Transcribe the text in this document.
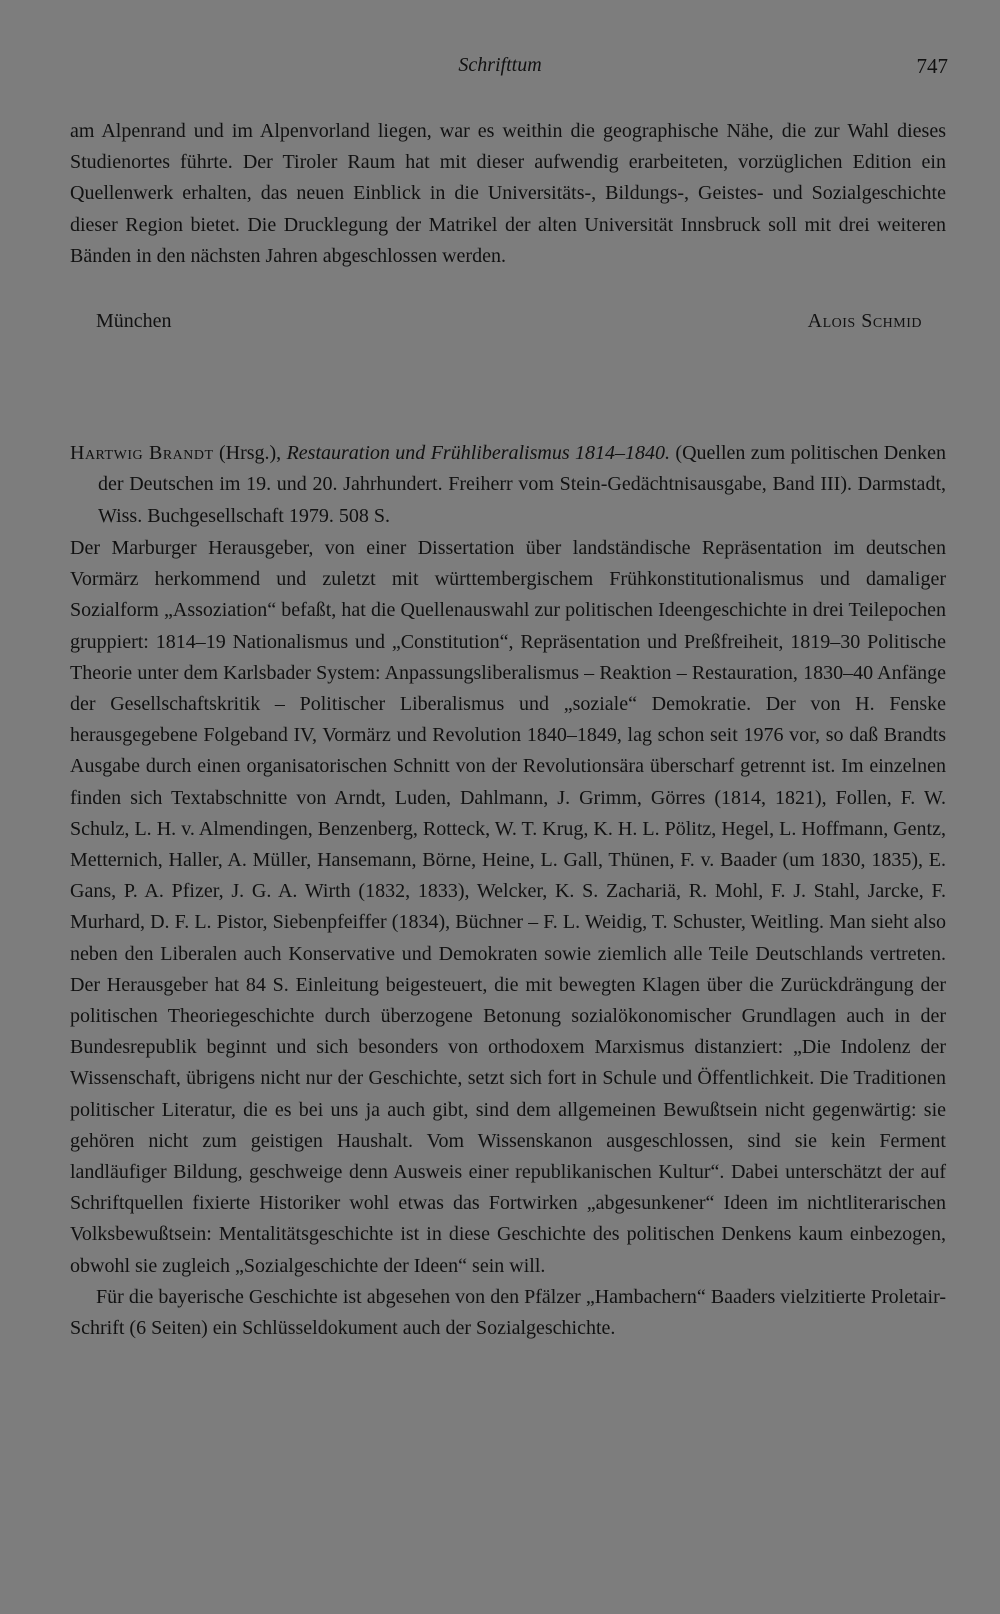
Schrifttum	747

am Alpenrand und im Alpenvorland liegen, war es weithin die geographische Nähe, die zur Wahl dieses Studienortes führte. Der Tiroler Raum hat mit dieser aufwendig erarbeiteten, vorzüglichen Edition ein Quellenwerk erhalten, das neuen Einblick in die Universitäts-, Bildungs-, Geistes- und Sozialgeschichte dieser Region bietet. Die Drucklegung der Matrikel der alten Universität Innsbruck soll mit drei weiteren Bänden in den nächsten Jahren abgeschlossen werden.

München	Alois Schmid
Hartwig Brandt (Hrsg.), Restauration und Frühliberalismus 1814–1840. (Quellen zum politischen Denken der Deutschen im 19. und 20. Jahrhundert. Freiherr vom Stein-Gedächtnisausgabe, Band III). Darmstadt, Wiss. Buchgesellschaft 1979. 508 S.

Der Marburger Herausgeber, von einer Dissertation über landständische Repräsentation im deutschen Vormärz herkommend und zuletzt mit württembergischem Frühkonstitutionalismus und damaliger Sozialform „Assoziation“ befaßt, hat die Quellenauswahl zur politischen Ideengeschichte in drei Teilepochen gruppiert: 1814–19 Nationalismus und „Constitution“, Repräsentation und Preßfreiheit, 1819–30 Politische Theorie unter dem Karlsbader System: Anpassungsliberalismus – Reaktion – Restauration, 1830–40 Anfänge der Gesellschaftskritik – Politischer Liberalismus und „soziale“ Demokratie. Der von H. Fenske herausgegebene Folgeband IV, Vormärz und Revolution 1840–1849, lag schon seit 1976 vor, so daß Brandts Ausgabe durch einen organisatorischen Schnitt von der Revolutionsära überscharf getrennt ist. Im einzelnen finden sich Textabschnitte von Arndt, Luden, Dahlmann, J. Grimm, Görres (1814, 1821), Follen, F. W. Schulz, L. H. v. Almendingen, Benzenberg, Rotteck, W. T. Krug, K. H. L. Pölitz, Hegel, L. Hoffmann, Gentz, Metternich, Haller, A. Müller, Hansemann, Börne, Heine, L. Gall, Thünen, F. v. Baader (um 1830, 1835), E. Gans, P. A. Pfizer, J. G. A. Wirth (1832, 1833), Welcker, K. S. Zachariä, R. Mohl, F. J. Stahl, Jarcke, F. Murhard, D. F. L. Pistor, Siebenpfeiffer (1834), Büchner – F. L. Weidig, T. Schuster, Weitling. Man sieht also neben den Liberalen auch Konservative und Demokraten sowie ziemlich alle Teile Deutschlands vertreten. Der Herausgeber hat 84 S. Einleitung beigesteuert, die mit bewegten Klagen über die Zurückdrängung der politischen Theoriegeschichte durch überzogene Betonung sozialökonomischer Grundlagen auch in der Bundesrepublik beginnt und sich besonders von orthodoxem Marxismus distanziert: „Die Indolenz der Wissenschaft, übrigens nicht nur der Geschichte, setzt sich fort in Schule und Öffentlichkeit. Die Traditionen politischer Literatur, die es bei uns ja auch gibt, sind dem allgemeinen Bewußtsein nicht gegenwärtig: sie gehören nicht zum geistigen Haushalt. Vom Wissenskanon ausgeschlossen, sind sie kein Ferment landläufiger Bildung, geschweige denn Ausweis einer republikanischen Kultur“. Dabei unterschätzt der auf Schriftquellen fixierte Historiker wohl etwas das Fortwirken „abgesunkener“ Ideen im nichtliterarischen Volksbewußtsein: Mentalitätsgeschichte ist in diese Geschichte des politischen Denkens kaum einbezogen, obwohl sie zugleich „Sozialgeschichte der Ideen“ sein will.

Für die bayerische Geschichte ist abgesehen von den Pfälzer „Hambachern“ Baaders vielzitierte Proletair-Schrift (6 Seiten) ein Schlüsseldokument auch der Sozialgeschichte.
